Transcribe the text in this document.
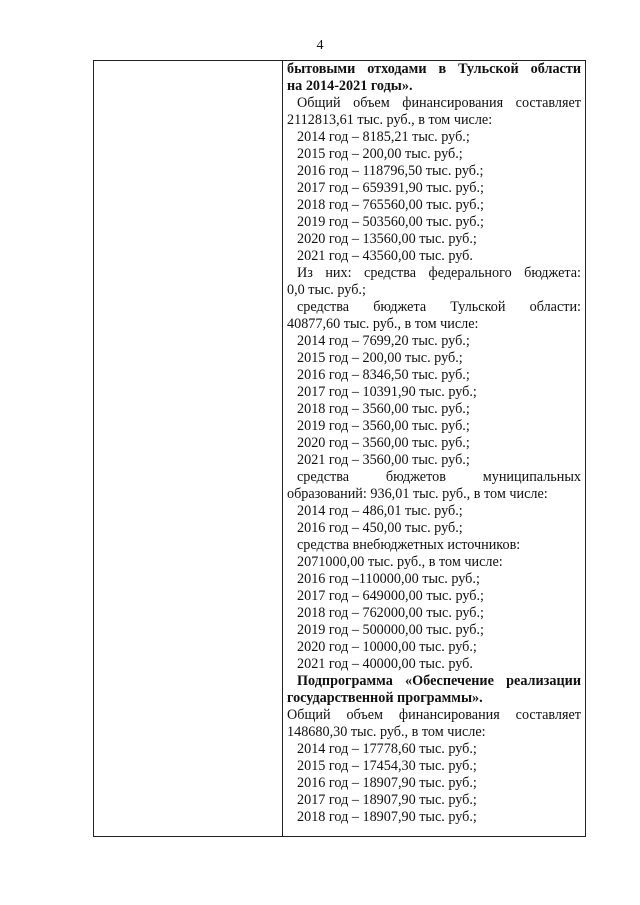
4
бытовыми отходами в Тульской области
на 2014-2021 годы».
Общий объем финансирования составляет
2112813,61 тыс. руб., в том числе:
2014 год – 8185,21 тыс. руб.;
2015 год – 200,00 тыс. руб.;
2016 год – 118796,50 тыс. руб.;
2017 год – 659391,90 тыс. руб.;
2018 год – 765560,00 тыс. руб.;
2019 год – 503560,00 тыс. руб.;
2020 год – 13560,00 тыс. руб.;
2021 год – 43560,00 тыс. руб.
Из них: средства федерального бюджета:
0,0 тыс. руб.;
средства бюджета Тульской области:
40877,60 тыс. руб., в том числе:
2014 год – 7699,20 тыс. руб.;
2015 год – 200,00 тыс. руб.;
2016 год – 8346,50 тыс. руб.;
2017 год – 10391,90 тыс. руб.;
2018 год – 3560,00 тыс. руб.;
2019 год – 3560,00 тыс. руб.;
2020 год – 3560,00 тыс. руб.;
2021 год – 3560,00 тыс. руб.;
средства бюджетов муниципальных
образований: 936,01 тыс. руб., в том числе:
2014 год – 486,01 тыс. руб.;
2016 год – 450,00 тыс. руб.;
средства внебюджетных источников:
2071000,00 тыс. руб., в том числе:
2016 год –110000,00 тыс. руб.;
2017 год – 649000,00 тыс. руб.;
2018 год – 762000,00 тыс. руб.;
2019 год – 500000,00 тыс. руб.;
2020 год – 10000,00 тыс. руб.;
2021 год – 40000,00 тыс. руб.
Подпрограмма «Обеспечение реализации
государственной программы».
Общий объем финансирования составляет
148680,30 тыс. руб., в том числе:
2014 год – 17778,60 тыс. руб.;
2015 год – 17454,30 тыс. руб.;
2016 год – 18907,90 тыс. руб.;
2017 год – 18907,90 тыс. руб.;
2018 год – 18907,90 тыс. руб.;
